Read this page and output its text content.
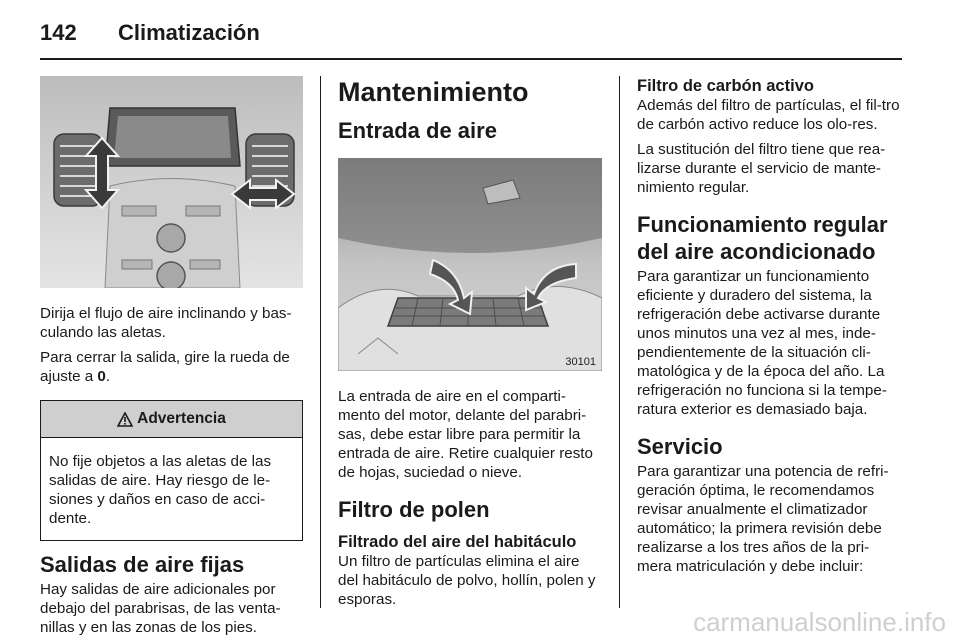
142 Climatización

Dirija el flujo de aire inclinando y bas-culando las aletas.

Para cerrar la salida, gire la rueda de ajuste a 0.

Advertencia

No fije objetos a las aletas de las salidas de aire. Hay riesgo de le-siones y daños en caso de acci-dente.

Salidas de aire fijas

Hay salidas de aire adicionales por debajo del parabrisas, de las venta-nillas y en las zonas de los pies.

Mantenimiento
Entrada de aire
30101

La entrada de aire en el comparti-mento del motor, delante del parabri-sas, debe estar libre para permitir la entrada de aire. Retire cualquier resto de hojas, suciedad o nieve.

Filtro de polen
Filtrado del aire del habitáculo

Un filtro de partículas elimina el aire del habitáculo de polvo, hollín, polen y esporas.

Filtro de carbón activo

Además del filtro de partículas, el fil-tro de carbón activo reduce los olo-res.

La sustitución del filtro tiene que rea-lizarse durante el servicio de mante-nimiento regular.

Funcionamiento regular del aire acondicionado

Para garantizar un funcionamiento eficiente y duradero del sistema, la refrigeración debe activarse durante unos minutos una vez al mes, inde-pendientemente de la situación cli-matológica y de la época del año. La refrigeración no funciona si la tempe-ratura exterior es demasiado baja.

Servicio

Para garantizar una potencia de refri-geración óptima, le recomendamos revisar anualmente el climatizador automático; la primera revisión debe realizarse a los tres años de la pri-mera matriculación y debe incluir:

carmanualsonline.info
